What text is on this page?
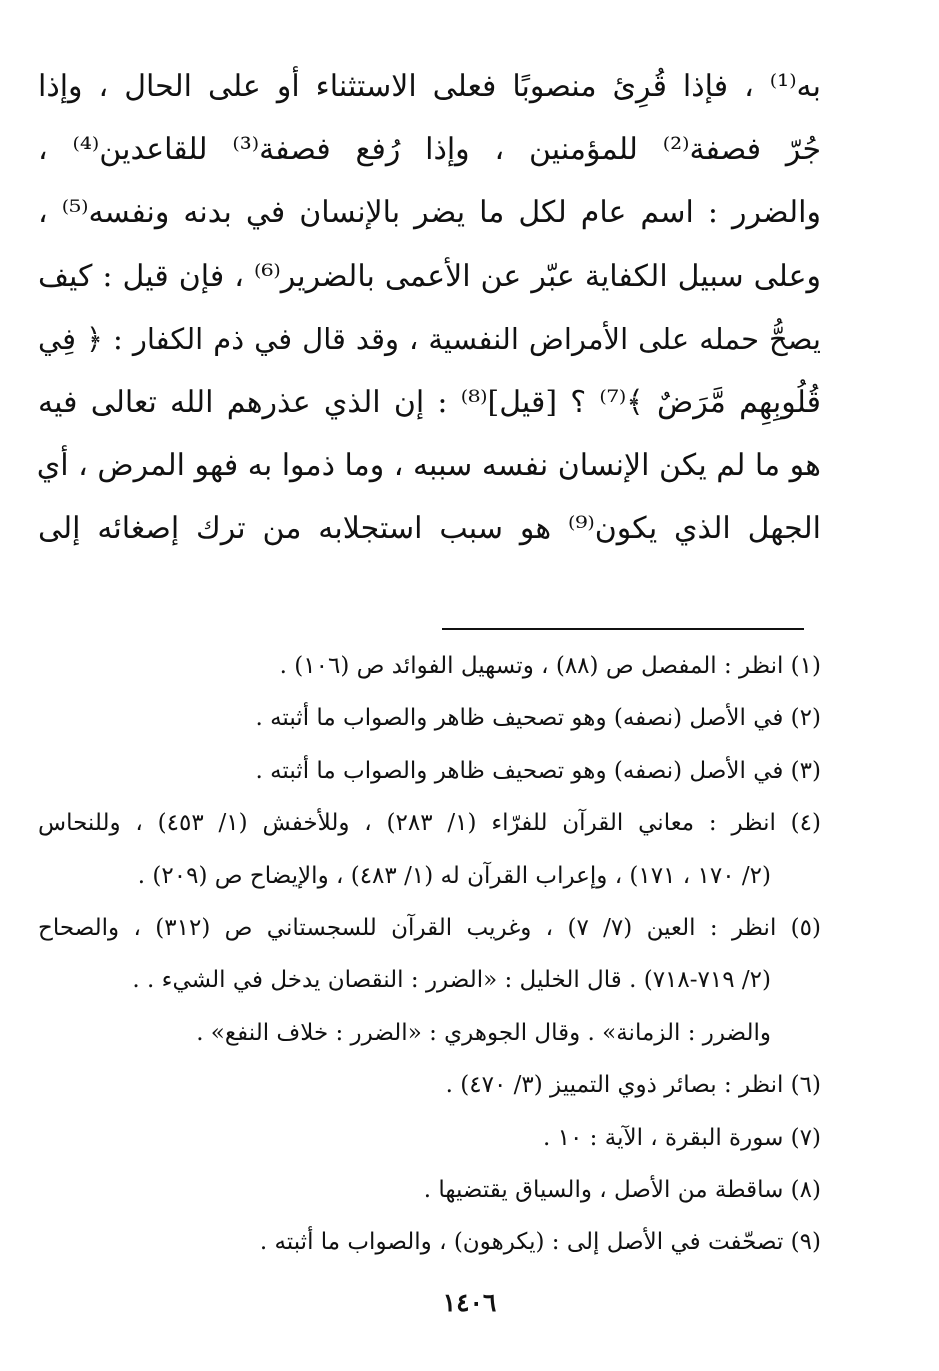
به⁽¹⁾ ، فإذا قُرِئ منصوبًا فعلى الاستثناء أو على الحال ، وإذا
جُرّ فصفة⁽²⁾ للمؤمنين ، وإذا رُفع فصفة⁽³⁾ للقاعدين⁽⁴⁾ ،
والضرر : اسم عام لكل ما يضر بالإنسان في بدنه ونفسه⁽⁵⁾ ،
وعلى سبيل الكفاية عبّر عن الأعمى بالضرير⁽⁶⁾ ، فإن قيل : كيف
يصحُّ حمله على الأمراض النفسية ، وقد قال في ذم الكفار : ﴿ فِي
قُلُوبِهِم مَّرَضٌ ﴾⁽⁷⁾ ؟ [قيل]⁽⁸⁾ : إن الذي عذرهم الله تعالى فيه
هو ما لم يكن الإنسان نفسه سببه ، وما ذموا به فهو المرض ، أي
الجهل الذي يكون⁽⁹⁾ هو سبب استجلابه من ترك إصغائه إلى
(١) انظر : المفصل ص (٨٨) ، وتسهيل الفوائد ص (١٠٦) .
(٢) في الأصل (نصفه) وهو تصحيف ظاهر والصواب ما أثبته .
(٣) في الأصل (نصفه) وهو تصحيف ظاهر والصواب ما أثبته .
(٤) انظر : معاني القرآن للفرّاء (١/ ٢٨٣) ، وللأخفش (١/ ٤٥٣) ، وللنحاس
(٢/ ١٧٠ ، ١٧١) ، وإعراب القرآن له (١/ ٤٨٣) ، والإيضاح ص (٢٠٩) .
(٥) انظر : العين (٧/ ٧) ، وغريب القرآن للسجستاني ص (٣١٢) ، والصحاح
(٢/ ٧١٩-٧١٨) . قال الخليل : «الضرر : النقصان يدخل في الشيء . .
والضرر : الزمانة» . وقال الجوهري : «الضرر : خلاف النفع» .
(٦) انظر : بصائر ذوي التمييز (٣/ ٤٧٠) .
(٧) سورة البقرة ، الآية : ١٠ .
(٨) ساقطة من الأصل ، والسياق يقتضيها .
(٩) تصحّفت في الأصل إلى : (يكرهون) ، والصواب ما أثبته .
١٤٠٦
